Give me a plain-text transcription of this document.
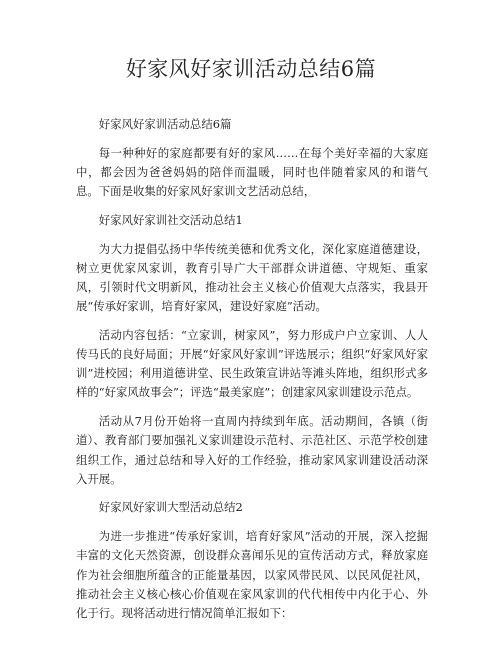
好家风好家训活动总结6篇

好家风好家训活动总结6篇

每一种种好的家庭都要有好的家风……在每个美好幸福的大家庭中，都会因为爸爸妈妈的陪伴而温暖，同时也伴随着家风的和谐气息。下面是收集的好家风好家训文艺活动总结，

好家风好家训社交活动总结1

为大力提倡弘扬中华传统美德和优秀文化，深化家庭道德建设，树立更优家风家训，教育引导广大干部群众讲道德、守规矩、重家风，引领时代文明新风，推动社会主义核心价值观大点落实，我县开展“传承好家训，培育好家风，建设好家庭”活动。

活动内容包括：“立家训，树家风”，努力形成户户立家训、人人传马氏的良好局面；开展“好家风好家训”评选展示；组织“好家风好家训”进校园；利用道德讲堂、民生政策宣讲站等滩头阵地，组织形式多样的“好家风故事会”；评选“最美家庭”；创建家风家训建设示范点。

活动从7月份开始将一直周内持续到年底。活动期间，各镇（街道）、教育部门要加强礼义家训建设示范村、示范社区、示范学校创建组织工作，通过总结和导入好的工作经验，推动家风家训建设活动深入开展。

好家风好家训大型活动总结2

为进一步推进“传承好家训，培育好家风”活动的开展，深入挖掘丰富的文化天然资源，创设群众喜闻乐见的宣传活动方式，释放家庭作为社会细胞所蕴含的正能量基因，以家风带民风、以民风促社风，推动社会主义核心核心价值观在家风家训的代代相传中内化于心、外化于行。现将活动进行情况简单汇报如下：
